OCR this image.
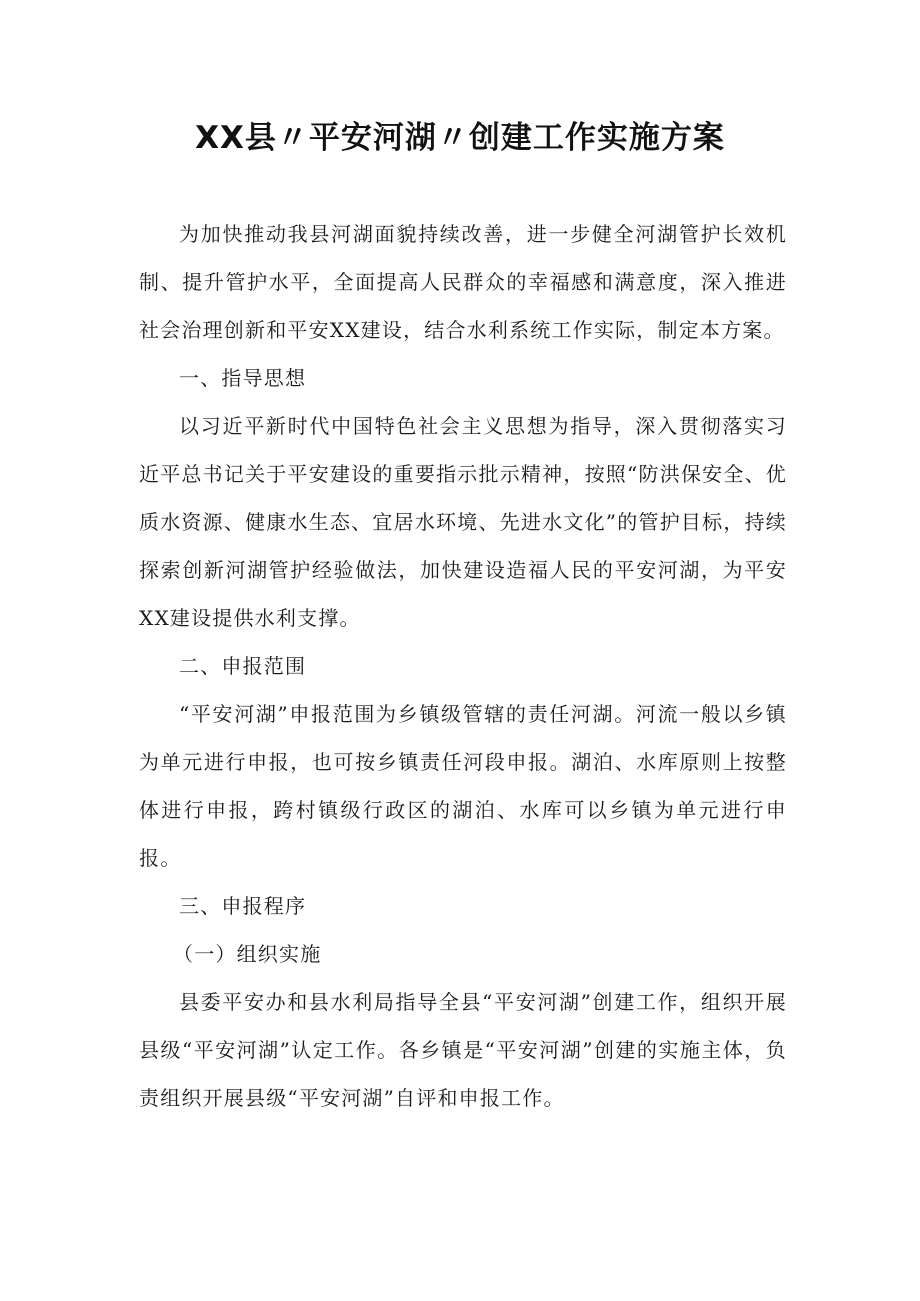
XX县〃平安河湖〃创建工作实施方案

为加快推动我县河湖面貌持续改善，进一步健全河湖管护长效机制、提升管护水平，全面提高人民群众的幸福感和满意度，深入推进社会治理创新和平安XX建设，结合水利系统工作实际，制定本方案。

一、指导思想

以习近平新时代中国特色社会主义思想为指导，深入贯彻落实习近平总书记关于平安建设的重要指示批示精神，按照“防洪保安全、优质水资源、健康水生态、宜居水环境、先进水文化”的管护目标，持续探索创新河湖管护经验做法，加快建设造福人民的平安河湖，为平安XX建设提供水利支撑。

二、申报范围

“平安河湖”申报范围为乡镇级管辖的责任河湖。河流一般以乡镇为单元进行申报，也可按乡镇责任河段申报。湖泊、水库原则上按整体进行申报，跨村镇级行政区的湖泊、水库可以乡镇为单元进行申报。

三、申报程序

（一）组织实施

县委平安办和县水利局指导全县“平安河湖”创建工作，组织开展县级“平安河湖”认定工作。各乡镇是“平安河湖”创建的实施主体，负责组织开展县级“平安河湖”自评和申报工作。
